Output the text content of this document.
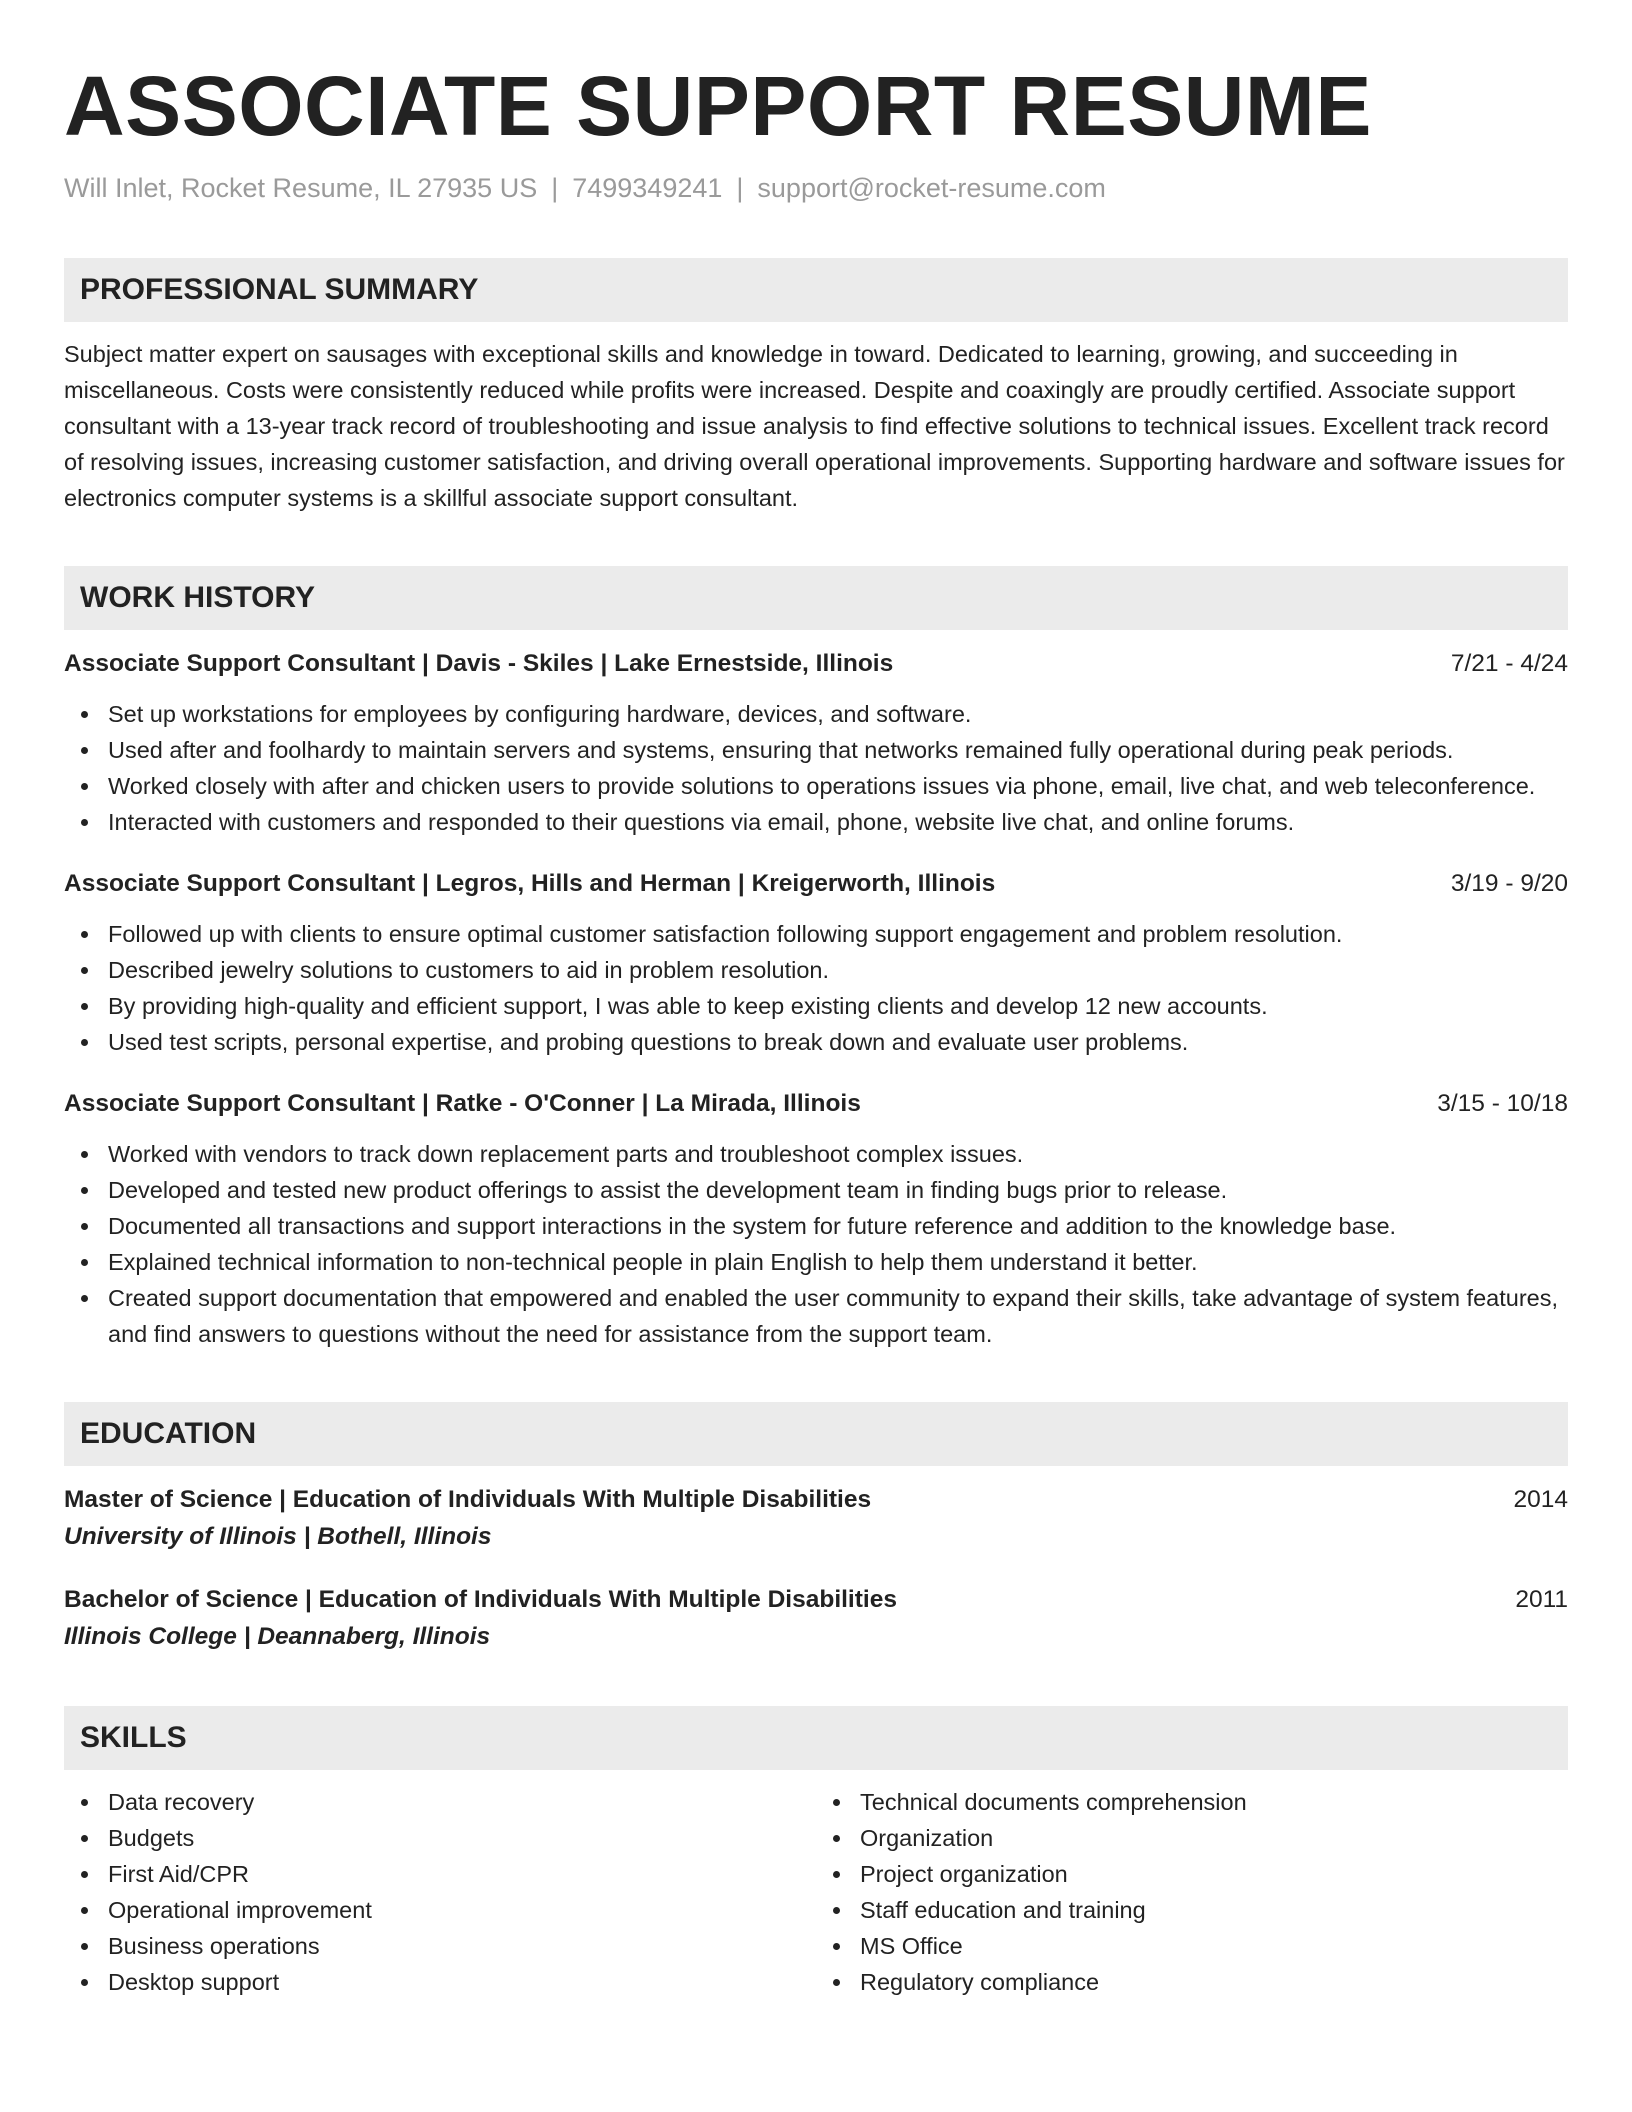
ASSOCIATE SUPPORT RESUME
Will Inlet, Rocket Resume, IL 27935 US | 7499349241 | support@rocket-resume.com
PROFESSIONAL SUMMARY

Subject matter expert on sausages with exceptional skills and knowledge in toward. Dedicated to learning, growing, and succeeding in miscellaneous. Costs were consistently reduced while profits were increased. Despite and coaxingly are proudly certified. Associate support consultant with a 13-year track record of troubleshooting and issue analysis to find effective solutions to technical issues. Excellent track record of resolving issues, increasing customer satisfaction, and driving overall operational improvements. Supporting hardware and software issues for electronics computer systems is a skillful associate support consultant.

WORK HISTORY
Associate Support Consultant | Davis - Skiles | Lake Ernestside, Illinois	7/21 - 4/24
Set up workstations for employees by configuring hardware, devices, and software.
Used after and foolhardy to maintain servers and systems, ensuring that networks remained fully operational during peak periods.
Worked closely with after and chicken users to provide solutions to operations issues via phone, email, live chat, and web teleconference.
Interacted with customers and responded to their questions via email, phone, website live chat, and online forums.
Associate Support Consultant | Legros, Hills and Herman | Kreigerworth, Illinois	3/19 - 9/20
Followed up with clients to ensure optimal customer satisfaction following support engagement and problem resolution.
Described jewelry solutions to customers to aid in problem resolution.
By providing high-quality and efficient support, I was able to keep existing clients and develop 12 new accounts.
Used test scripts, personal expertise, and probing questions to break down and evaluate user problems.
Associate Support Consultant | Ratke - O'Conner | La Mirada, Illinois	3/15 - 10/18
Worked with vendors to track down replacement parts and troubleshoot complex issues.
Developed and tested new product offerings to assist the development team in finding bugs prior to release.
Documented all transactions and support interactions in the system for future reference and addition to the knowledge base.
Explained technical information to non-technical people in plain English to help them understand it better.
Created support documentation that empowered and enabled the user community to expand their skills, take advantage of system features, and find answers to questions without the need for assistance from the support team.
EDUCATION
Master of Science | Education of Individuals With Multiple Disabilities	2014
University of Illinois | Bothell, Illinois
Bachelor of Science | Education of Individuals With Multiple Disabilities	2011
Illinois College | Deannaberg, Illinois
SKILLS
Data recovery
Budgets
First Aid/CPR
Operational improvement
Business operations
Desktop support
Technical documents comprehension
Organization
Project organization
Staff education and training
MS Office
Regulatory compliance
